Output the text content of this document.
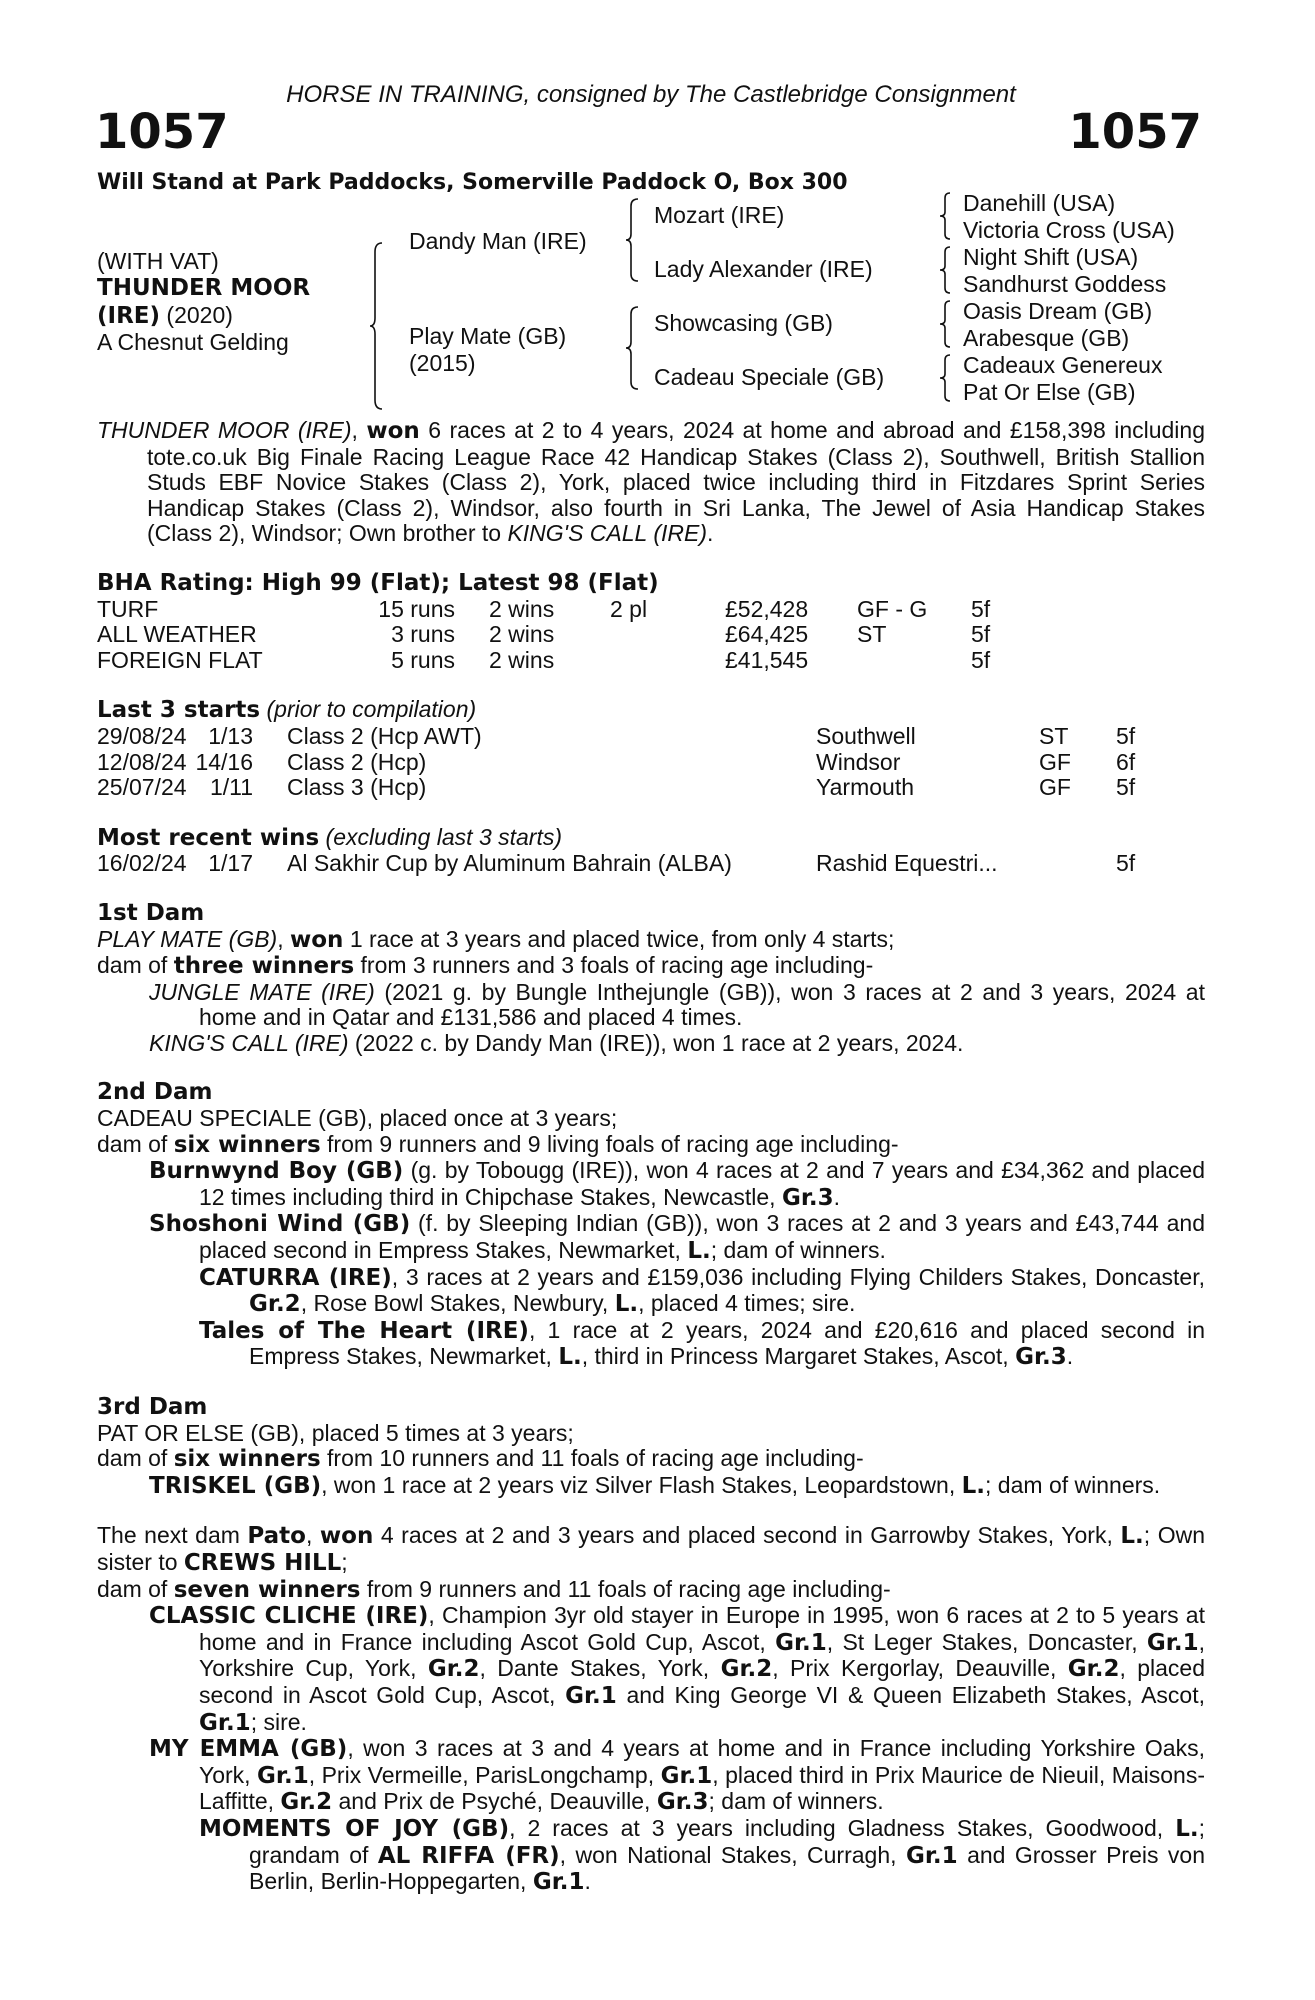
HORSE IN TRAINING, consigned by The Castlebridge Consignment
1057	1057
Will Stand at Park Paddocks, Somerville Paddock O, Box 300
(WITH VAT)
THUNDER MOOR
(IRE) (2020)
A Chesnut Gelding
Dandy Man (IRE)
Play Mate (GB)
(2015)
Mozart (IRE)
Lady Alexander (IRE)
Showcasing (GB)
Cadeau Speciale (GB)
Danehill (USA)
Victoria Cross (USA)
Night Shift (USA)
Sandhurst Goddess
Oasis Dream (GB)
Arabesque (GB)
Cadeaux Genereux
Pat Or Else (GB)
THUNDER MOOR (IRE), won 6 races at 2 to 4 years, 2024 at home and abroad and £158,398 including tote.co.uk Big Finale Racing League Race 42 Handicap Stakes (Class 2), Southwell, British Stallion Studs EBF Novice Stakes (Class 2), York, placed twice including third in Fitzdares Sprint Series Handicap Stakes (Class 2), Windsor, also fourth in Sri Lanka, The Jewel of Asia Handicap Stakes (Class 2), Windsor; Own brother to KING'S CALL (IRE).
BHA Rating: High 99 (Flat); Latest 98 (Flat)
TURF	15 runs 2 wins 2 pl	£52,428 GF - G 5f
ALL WEATHER	3 runs 2 wins	£64,425 ST	5f
FOREIGN FLAT	5 runs 2 wins	£41,545	5f
Last 3 starts (prior to compilation)
29/08/24 1/13 Class 2 (Hcp AWT)	Southwell	ST 5f
12/08/24 14/16 Class 2 (Hcp)	Windsor	GF 6f
25/07/24	1/11 Class 3 (Hcp)	Yarmouth	GF 5f
Most recent wins (excluding last 3 starts)
16/02/24 1/17 Al Sakhir Cup by Aluminum Bahrain (ALBA)	Rashid Equestri...	5f

1st Dam

PLAY MATE (GB), won 1 race at 3 years and placed twice, from only 4 starts;

dam of three winners from 3 runners and 3 foals of racing age including-

JUNGLE MATE (IRE) (2021 g. by Bungle Inthejungle (GB)), won 3 races at 2 and 3 years, 2024 at home and in Qatar and £131,586 and placed 4 times.

KING'S CALL (IRE) (2022 c. by Dandy Man (IRE)), won 1 race at 2 years, 2024.

2nd Dam

CADEAU SPECIALE (GB), placed once at 3 years;

dam of six winners from 9 runners and 9 living foals of racing age including-

Burnwynd Boy (GB) (g. by Tobougg (IRE)), won 4 races at 2 and 7 years and £34,362 and placed 12 times including third in Chipchase Stakes, Newcastle, Gr.3.

Shoshoni Wind (GB) (f. by Sleeping Indian (GB)), won 3 races at 2 and 3 years and £43,744 and placed second in Empress Stakes, Newmarket, L.; dam of winners.

CATURRA (IRE), 3 races at 2 years and £159,036 including Flying Childers Stakes, Doncaster, Gr.2, Rose Bowl Stakes, Newbury, L., placed 4 times; sire.

Tales of The Heart (IRE), 1 race at 2 years, 2024 and £20,616 and placed second in Empress Stakes, Newmarket, L., third in Princess Margaret Stakes, Ascot, Gr.3.

3rd Dam

PAT OR ELSE (GB), placed 5 times at 3 years;

dam of six winners from 10 runners and 11 foals of racing age including-

TRISKEL (GB), won 1 race at 2 years viz Silver Flash Stakes, Leopardstown, L.; dam of winners.

The next dam Pato, won 4 races at 2 and 3 years and placed second in Garrowby Stakes, York, L.; Own sister to CREWS HILL;

dam of seven winners from 9 runners and 11 foals of racing age including-

CLASSIC CLICHE (IRE), Champion 3yr old stayer in Europe in 1995, won 6 races at 2 to 5 years at home and in France including Ascot Gold Cup, Ascot, Gr.1, St Leger Stakes, Doncaster, Gr.1, Yorkshire Cup, York, Gr.2, Dante Stakes, York, Gr.2, Prix Kergorlay, Deauville, Gr.2, placed second in Ascot Gold Cup, Ascot, Gr.1 and King George VI & Queen Elizabeth Stakes, Ascot, Gr.1; sire.

MY EMMA (GB), won 3 races at 3 and 4 years at home and in France including Yorkshire Oaks, York, Gr.1, Prix Vermeille, ParisLongchamp, Gr.1, placed third in Prix Maurice de Nieuil, Maisons-Laffitte, Gr.2 and Prix de Psyché, Deauville, Gr.3; dam of winners.

MOMENTS OF JOY (GB), 2 races at 3 years including Gladness Stakes, Goodwood, L.; grandam of AL RIFFA (FR), won National Stakes, Curragh, Gr.1 and Grosser Preis von Berlin, Berlin-Hoppegarten, Gr.1.
